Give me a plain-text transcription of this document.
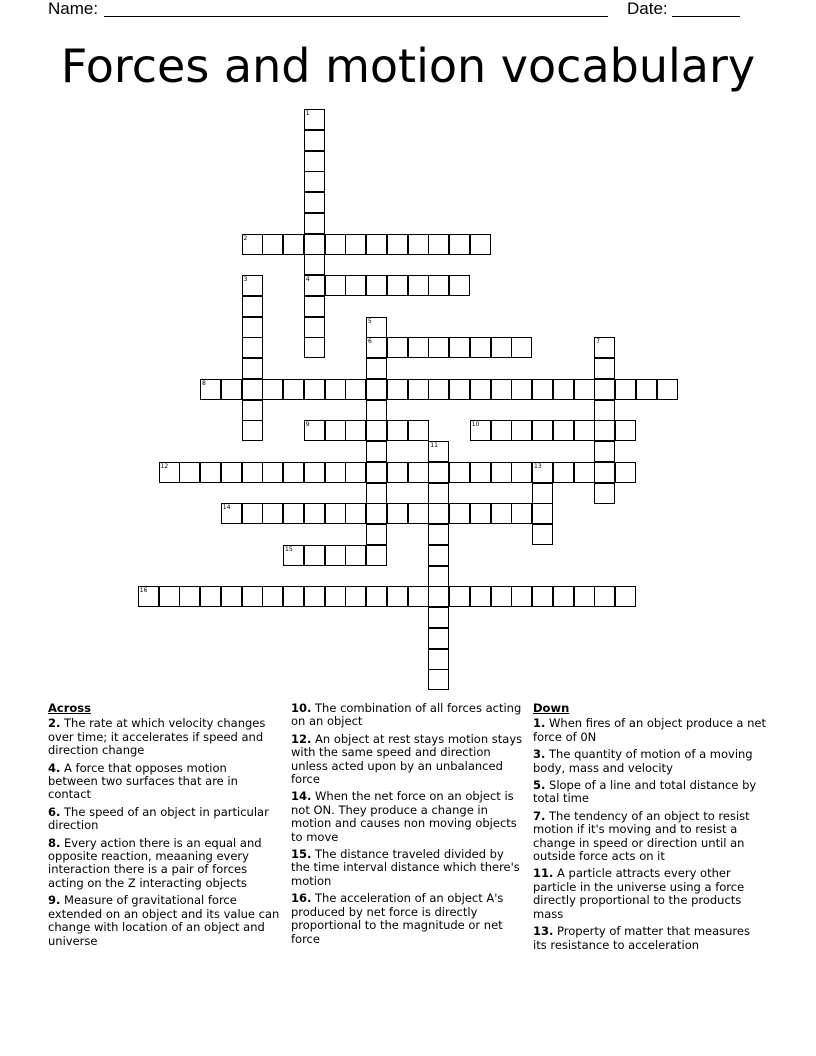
Name:	Date:
Forces and motion vocabulary
1
4
2
3
5
6	7
8
9	10
11
12	13
14
15
16
Across
2. The rate at which velocity changes over time; it accelerates if speed and direction change
4. A force that opposes motion between two surfaces that are in contact
6. The speed of an object in particular direction
8. Every action there is an equal and opposite reaction, meaaning every interaction there is a pair of forces acting on the Z interacting objects
9. Measure of gravitational force extended on an object and its value can change with location of an object and universe
10. The combination of all forces acting on an object
12. An object at rest stays motion stays with the same speed and direction unless acted upon by an unbalanced force
14. When the net force on an object is not ON. They produce a change in motion and causes non moving objects to move
15. The distance traveled divided by the time interval distance which there's motion
16. The acceleration of an object A's produced by net force is directly proportional to the magnitude or net force
Down
1. When fires of an object produce a net force of 0N
3. The quantity of motion of a moving body, mass and velocity
5. Slope of a line and total distance by total time
7. The tendency of an object to resist motion if it's moving and to resist a change in speed or direction until an outside force acts on it
11. A particle attracts every other particle in the universe using a force directly proportional to the products mass
13. Property of matter that measures its resistance to acceleration
